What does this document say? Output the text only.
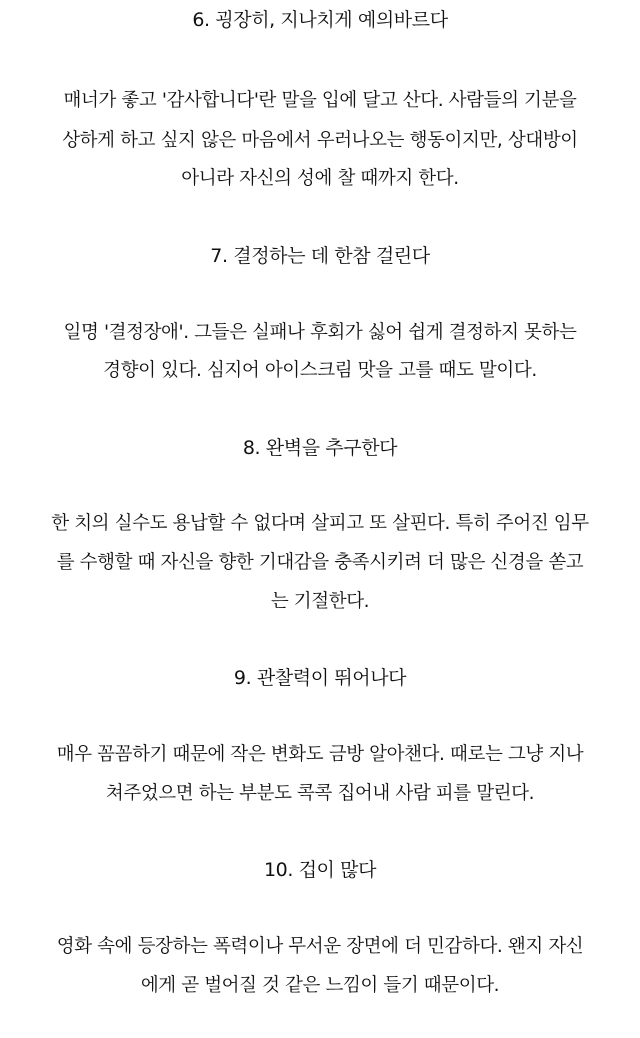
6. 굉장히, 지나치게 예의바르다
매너가 좋고 '감사합니다'란 말을 입에 달고 산다. 사람들의 기분을
상하게 하고 싶지 않은 마음에서 우러나오는 행동이지만, 상대방이
아니라 자신의 성에 찰 때까지 한다.
7. 결정하는 데 한참 걸린다
일명 '결정장애'. 그들은 실패나 후회가 싫어 쉽게 결정하지 못하는
경향이 있다. 심지어 아이스크림 맛을 고를 때도 말이다.
8. 완벽을 추구한다
한 치의 실수도 용납할 수 없다며 살피고 또 살핀다. 특히 주어진 임무
를 수행할 때 자신을 향한 기대감을 충족시키려 더 많은 신경을 쏟고
는 기절한다.
9. 관찰력이 뛰어나다
매우 꼼꼼하기 때문에 작은 변화도 금방 알아챈다. 때로는 그냥 지나
쳐주었으면 하는 부분도 콕콕 집어내 사람 피를 말린다.
10. 겁이 많다
영화 속에 등장하는 폭력이나 무서운 장면에 더 민감하다. 왠지 자신
에게 곧 벌어질 것 같은 느낌이 들기 때문이다.
